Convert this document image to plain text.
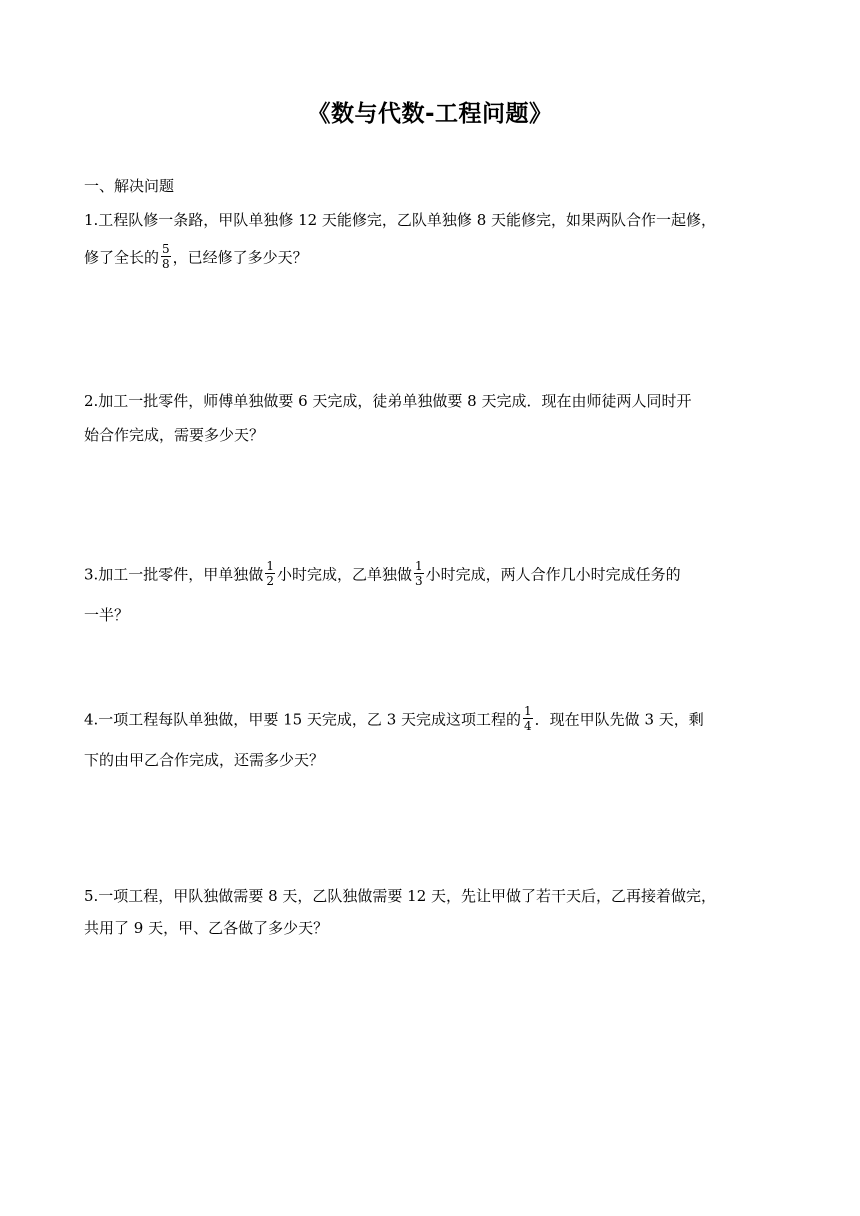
《数与代数-工程问题》
一、解决问题
1.工程队修一条路，甲队单独修 12 天能修完，乙队单独修 8 天能修完，如果两队合作一起修，
修了全长的 $\frac{5}{8}$ ，已经修了多少天？
2.加工一批零件，师傅单独做要 6 天完成，徒弟单独做要 8 天完成．现在由师徒两人同时开
始合作完成，需要多少天？
3.加工一批零件，甲单独做 $\frac{1}{2}$ 小时完成，乙单独做 $\frac{1}{3}$ 小时完成，两人合作几小时完成任务的
一半？
4.一项工程每队单独做，甲要 15 天完成，乙 3 天完成这项工程的 $\frac{1}{4}$ ．现在甲队先做 3 天，剩
下的由甲乙合作完成，还需多少天？
5.一项工程，甲队独做需要 8 天，乙队独做需要 12 天，先让甲做了若干天后，乙再接着做完，
共用了 9 天，甲、乙各做了多少天？
